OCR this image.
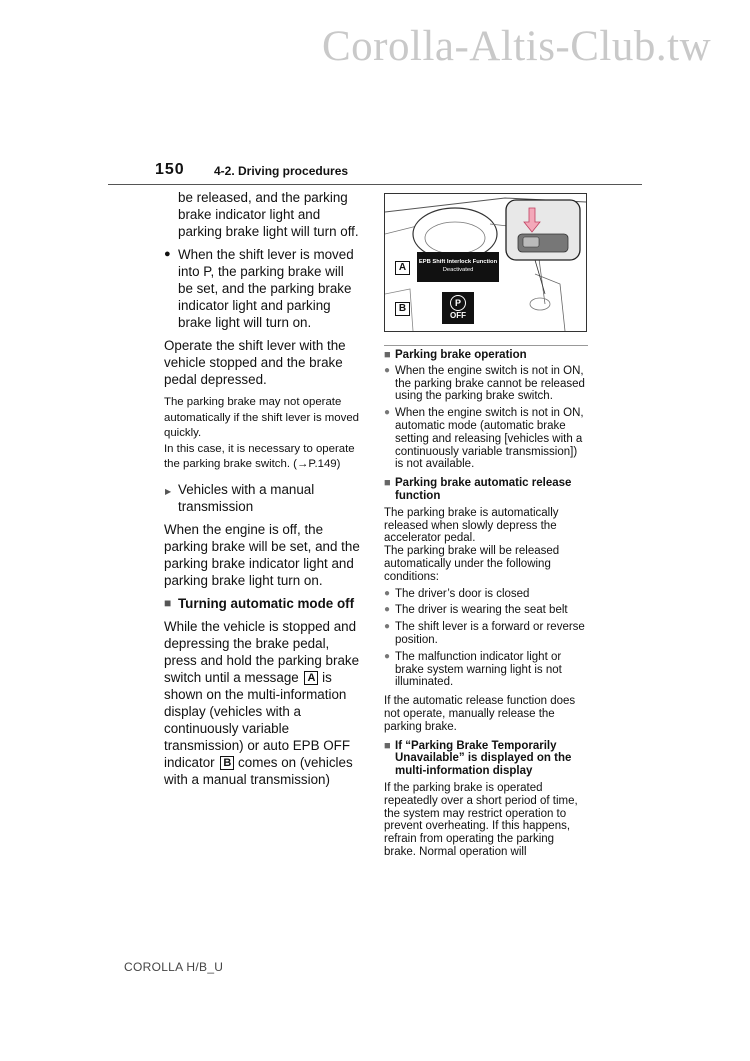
Corolla-Altis-Club.tw
150 4-2. Driving procedures

be released, and the parking brake indicator light and parking brake light will turn off.

● When the shift lever is moved into P, the parking brake will be set, and the parking brake indicator light and parking brake light will turn on.

Operate the shift lever with the vehicle stopped and the brake pedal depressed.

The parking brake may not operate automatically if the shift lever is moved quickly.

In this case, it is necessary to operate the parking brake switch. (→P.149)

▶ Vehicles with a manual transmission

When the engine is off, the parking brake will be set, and the parking brake indicator light and parking brake light turn on.

■ Turning automatic mode off

While the vehicle is stopped and depressing the brake pedal, press and hold the parking brake switch until a message A is shown on the multi-information display (vehicles with a continuously variable transmission) or auto EPB OFF indicator B comes on (vehicles with a manual transmission)

A	EPB Shift Interlock Function
Deactivated
B	P
OFF

■ Parking brake operation

● When the engine switch is not in ON, the parking brake cannot be released using the parking brake switch.

● When the engine switch is not in ON, automatic mode (automatic brake setting and releasing [vehicles with a continuously variable transmission]) is not available.

■ Parking brake automatic release function

The parking brake is automatically released when slowly depress the accelerator pedal.

The parking brake will be released automatically under the following conditions:

● The driver’s door is closed

● The driver is wearing the seat belt

● The shift lever is a forward or reverse position.

● The malfunction indicator light or brake system warning light is not illuminated.

If the automatic release function does not operate, manually release the parking brake.

■ If “Parking Brake Temporarily Unavailable” is displayed on the multi-information display

If the parking brake is operated repeatedly over a short period of time, the system may restrict operation to prevent overheating. If this happens, refrain from operating the parking brake. Normal operation will

COROLLA H/B_U
